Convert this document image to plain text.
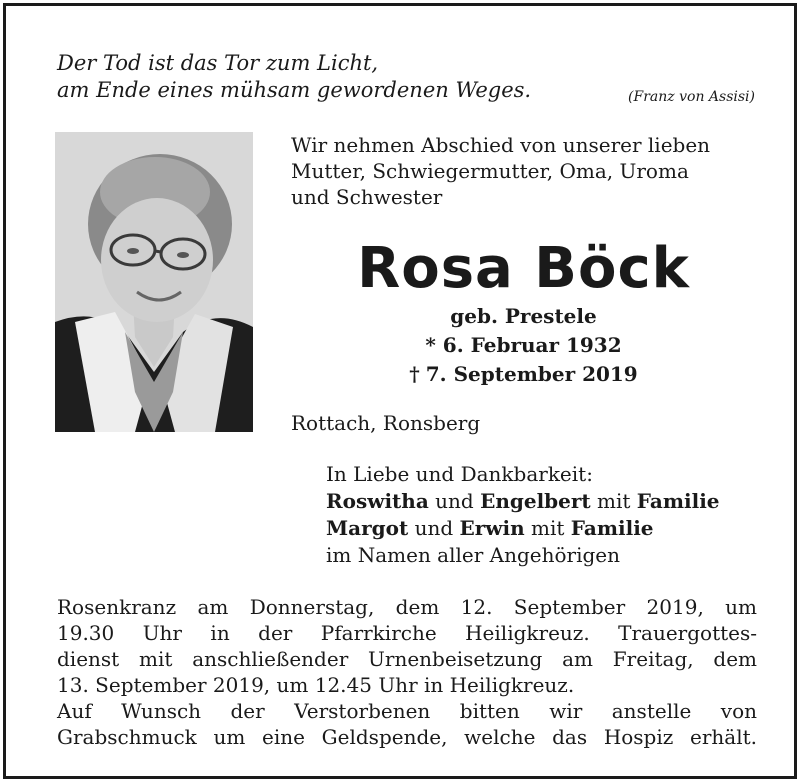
Der Tod ist das Tor zum Licht,
am Ende eines mühsam gewordenen Weges.	(Franz von Assisi)
Wir nehmen Abschied von unserer lieben
Mutter, Schwiegermutter, Oma, Uroma
und Schwester
Rosa Böck
geb. Prestele
* 6. Februar 1932
† 7. September 2019
Rottach, Ronsberg
In Liebe und Dankbarkeit:
Roswitha und Engelbert mit Familie
Margot und Erwin mit Familie
im Namen aller Angehörigen
Rosenkranz am Donnerstag, dem 12. September 2019, um
19.30 Uhr in der Pfarrkirche Heiligkreuz. Trauergottes-
dienst mit anschließender Urnenbeisetzung am Freitag, dem
13. September 2019, um 12.45 Uhr in Heiligkreuz.
Auf Wunsch der Verstorbenen bitten wir anstelle von
Grabschmuck um eine Geldspende, welche das Hospiz erhält.
